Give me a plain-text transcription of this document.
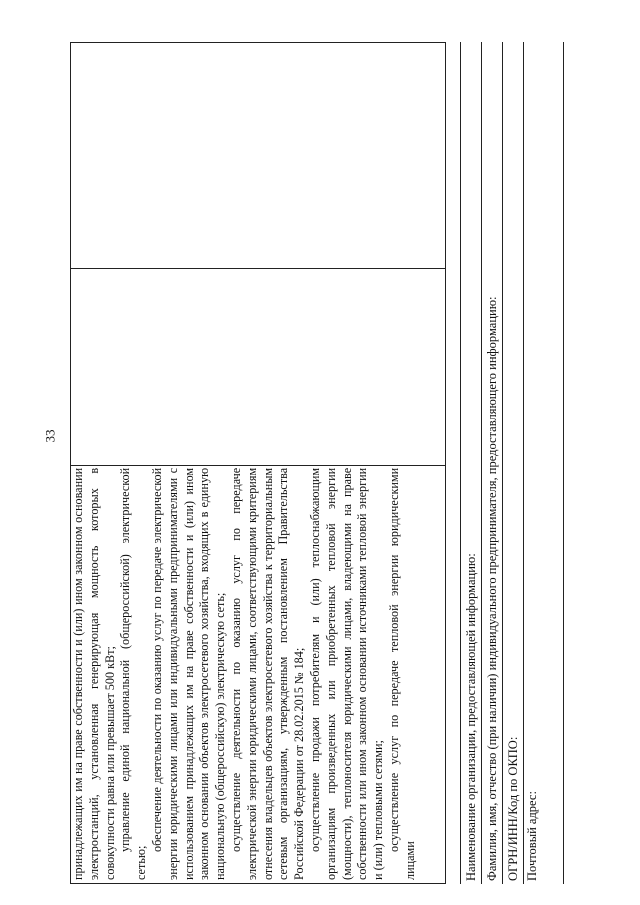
33

принадлежащих им на праве собственности и (или) ином законном основании электростанций, установленная генерирующая мощность которых в совокупности равна или превышает 500 кВт; управление единой национальной (общероссийской) электрической сетью;

обеспечение деятельности по оказанию услуг по передаче электрической энергии юридическими лицами или индивидуальными предпринимателями с использованием принадлежащих им на праве собственности и (или) ином законном основании объектов электросетевого хозяйства, входящих в единую национальную (общероссийскую) электрическую сеть; осуществление деятельности по оказанию услуг по передаче электрической энергии юридическими лицами, соответствующими критериям отнесения владельцев объектов электросетевого хозяйства к территориальным сетевым организациям, утвержденным постановлением Правительства Российской Федерации от 28.02.2015 № 184; осуществление продажи потребителям и (или) теплоснабжающим организациям произведенных или приобретенных тепловой энергии (мощности), теплоносителя юридическими лицами, владеющими на праве собственности или ином законном основании источниками тепловой энергии и (или) тепловыми сетями; осуществление услуг по передаче тепловой энергии юридическими лицами

			Наименование организации, предоставляющей информацию:
Фамилия, имя, отчество (при наличии) индивидуального предпринимателя, предоставляющего информацию:
ОГРН/ИНН/Код по ОКПО:
Почтовый адрес:
